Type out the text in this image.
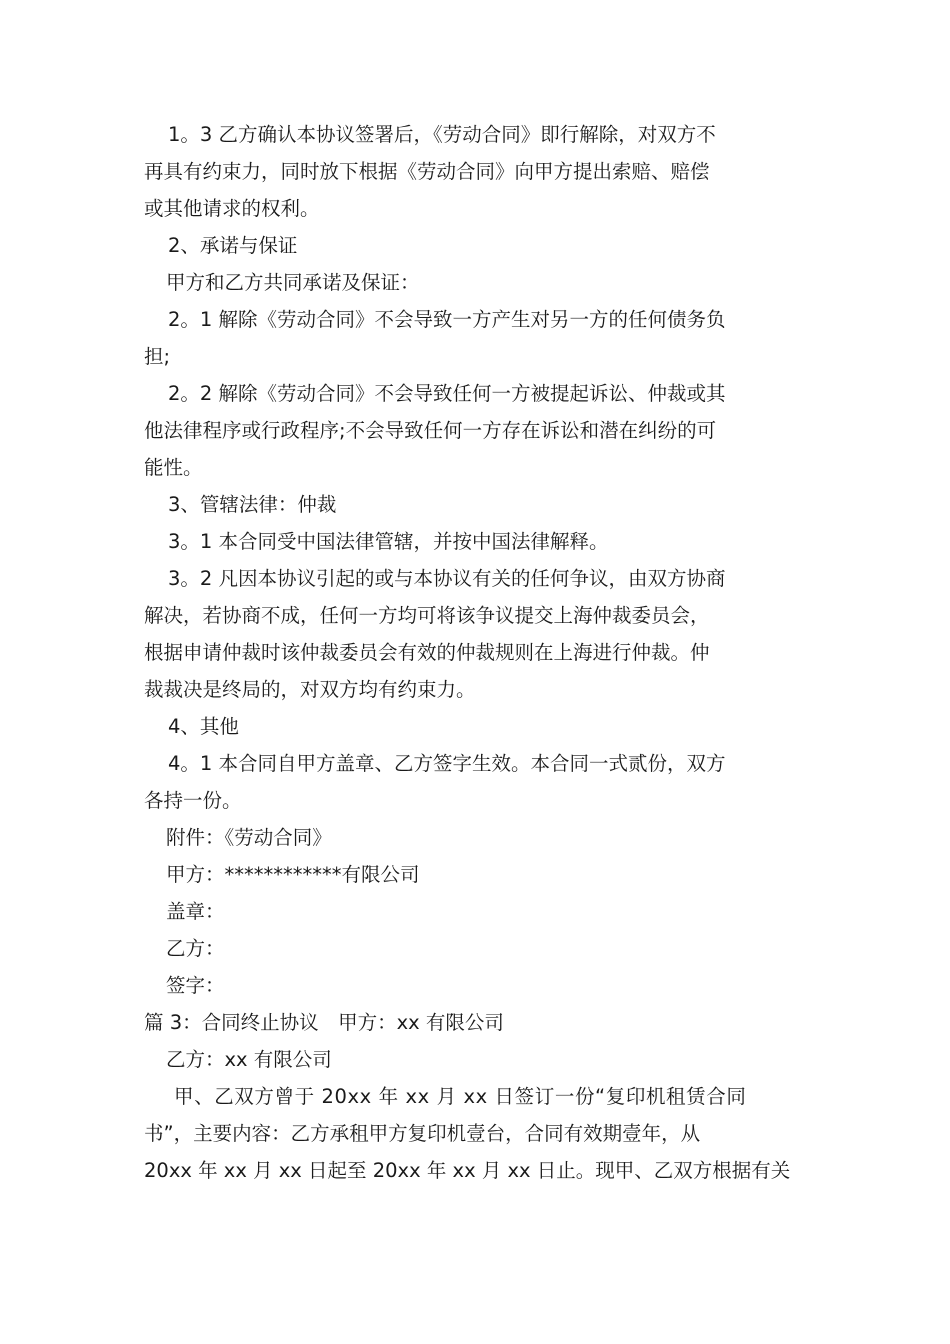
1。3 乙方确认本协议签署后，《劳动合同》即行解除，对双方不
再具有约束力，同时放下根据《劳动合同》向甲方提出索赔、赔偿
或其他请求的权利。

2、承诺与保证

甲方和乙方共同承诺及保证：

2。1 解除《劳动合同》不会导致一方产生对另一方的任何债务负
担;

2。2 解除《劳动合同》不会导致任何一方被提起诉讼、仲裁或其
他法律程序或行政程序;不会导致任何一方存在诉讼和潜在纠纷的可
能性。

3、管辖法律：仲裁

3。1 本合同受中国法律管辖，并按中国法律解释。

3。2 凡因本协议引起的或与本协议有关的任何争议，由双方协商
解决，若协商不成，任何一方均可将该争议提交上海仲裁委员会，
根据申请仲裁时该仲裁委员会有效的仲裁规则在上海进行仲裁。仲
裁裁决是终局的，对双方均有约束力。

4、其他

4。1 本合同自甲方盖章、乙方签字生效。本合同一式贰份，双方
各持一份。

附件：《劳动合同》

甲方：************有限公司

盖章：

乙方：

签字：

篇 3：合同终止协议　甲方：xx 有限公司

乙方：xx 有限公司

甲、乙双方曾于 20xx 年 xx 月 xx 日签订一份“复印机租赁合同
书”，主要内容：乙方承租甲方复印机壹台，合同有效期壹年，从
20xx 年 xx 月 xx 日起至 20xx 年 xx 月 xx 日止。现甲、乙双方根据有关
